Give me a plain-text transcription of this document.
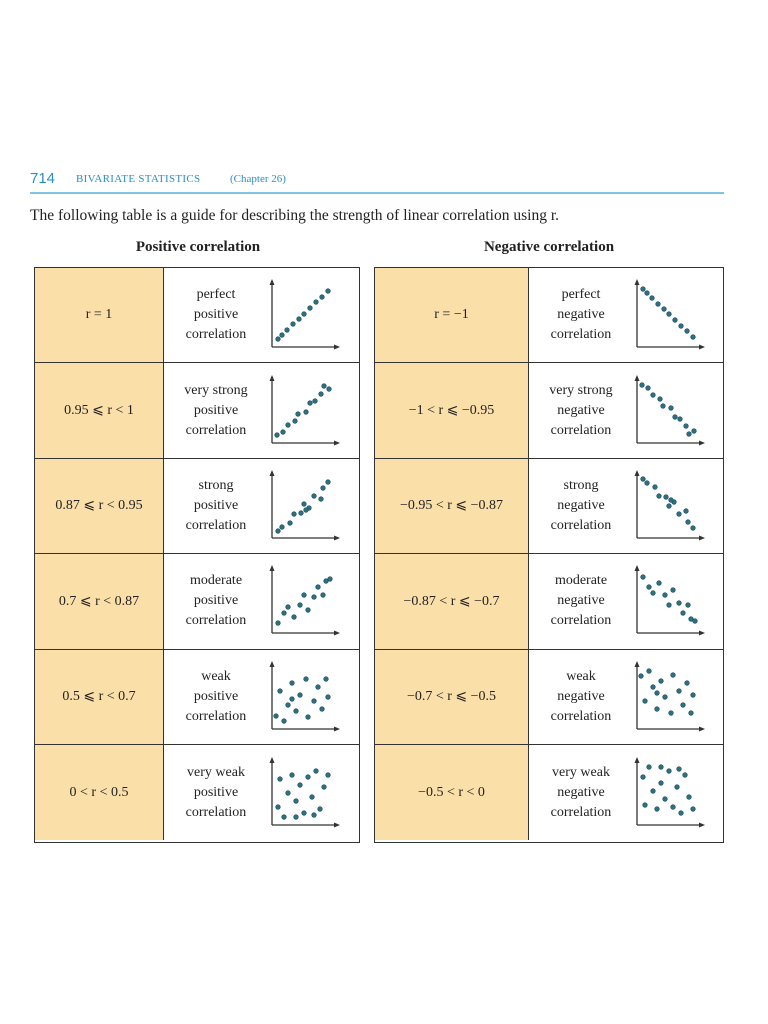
714 BIVARIATE STATISTICS	(Chapter 26)
The following table is a guide for describing the strength of linear correlation using r.
Positive correlation	Negative correlation
r = 1
perfect
positive
correlation
0.95 ⩽ r < 1
very strong
positive
correlation
0.87 ⩽ r < 0.95
strong
positive
correlation
0.7 ⩽ r < 0.87
moderate
positive
correlation
0.5 ⩽ r < 0.7
weak
positive
correlation
0 < r < 0.5
very weak
positive
correlation
r = −1
perfect
negative
correlation
−1 < r ⩽ −0.95
very strong
negative
correlation
−0.95 < r ⩽ −0.87
strong
negative
correlation
−0.87 < r ⩽ −0.7
moderate
negative
correlation
−0.7 < r ⩽ −0.5
weak
negative
correlation
−0.5 < r < 0
very weak
negative
correlation
